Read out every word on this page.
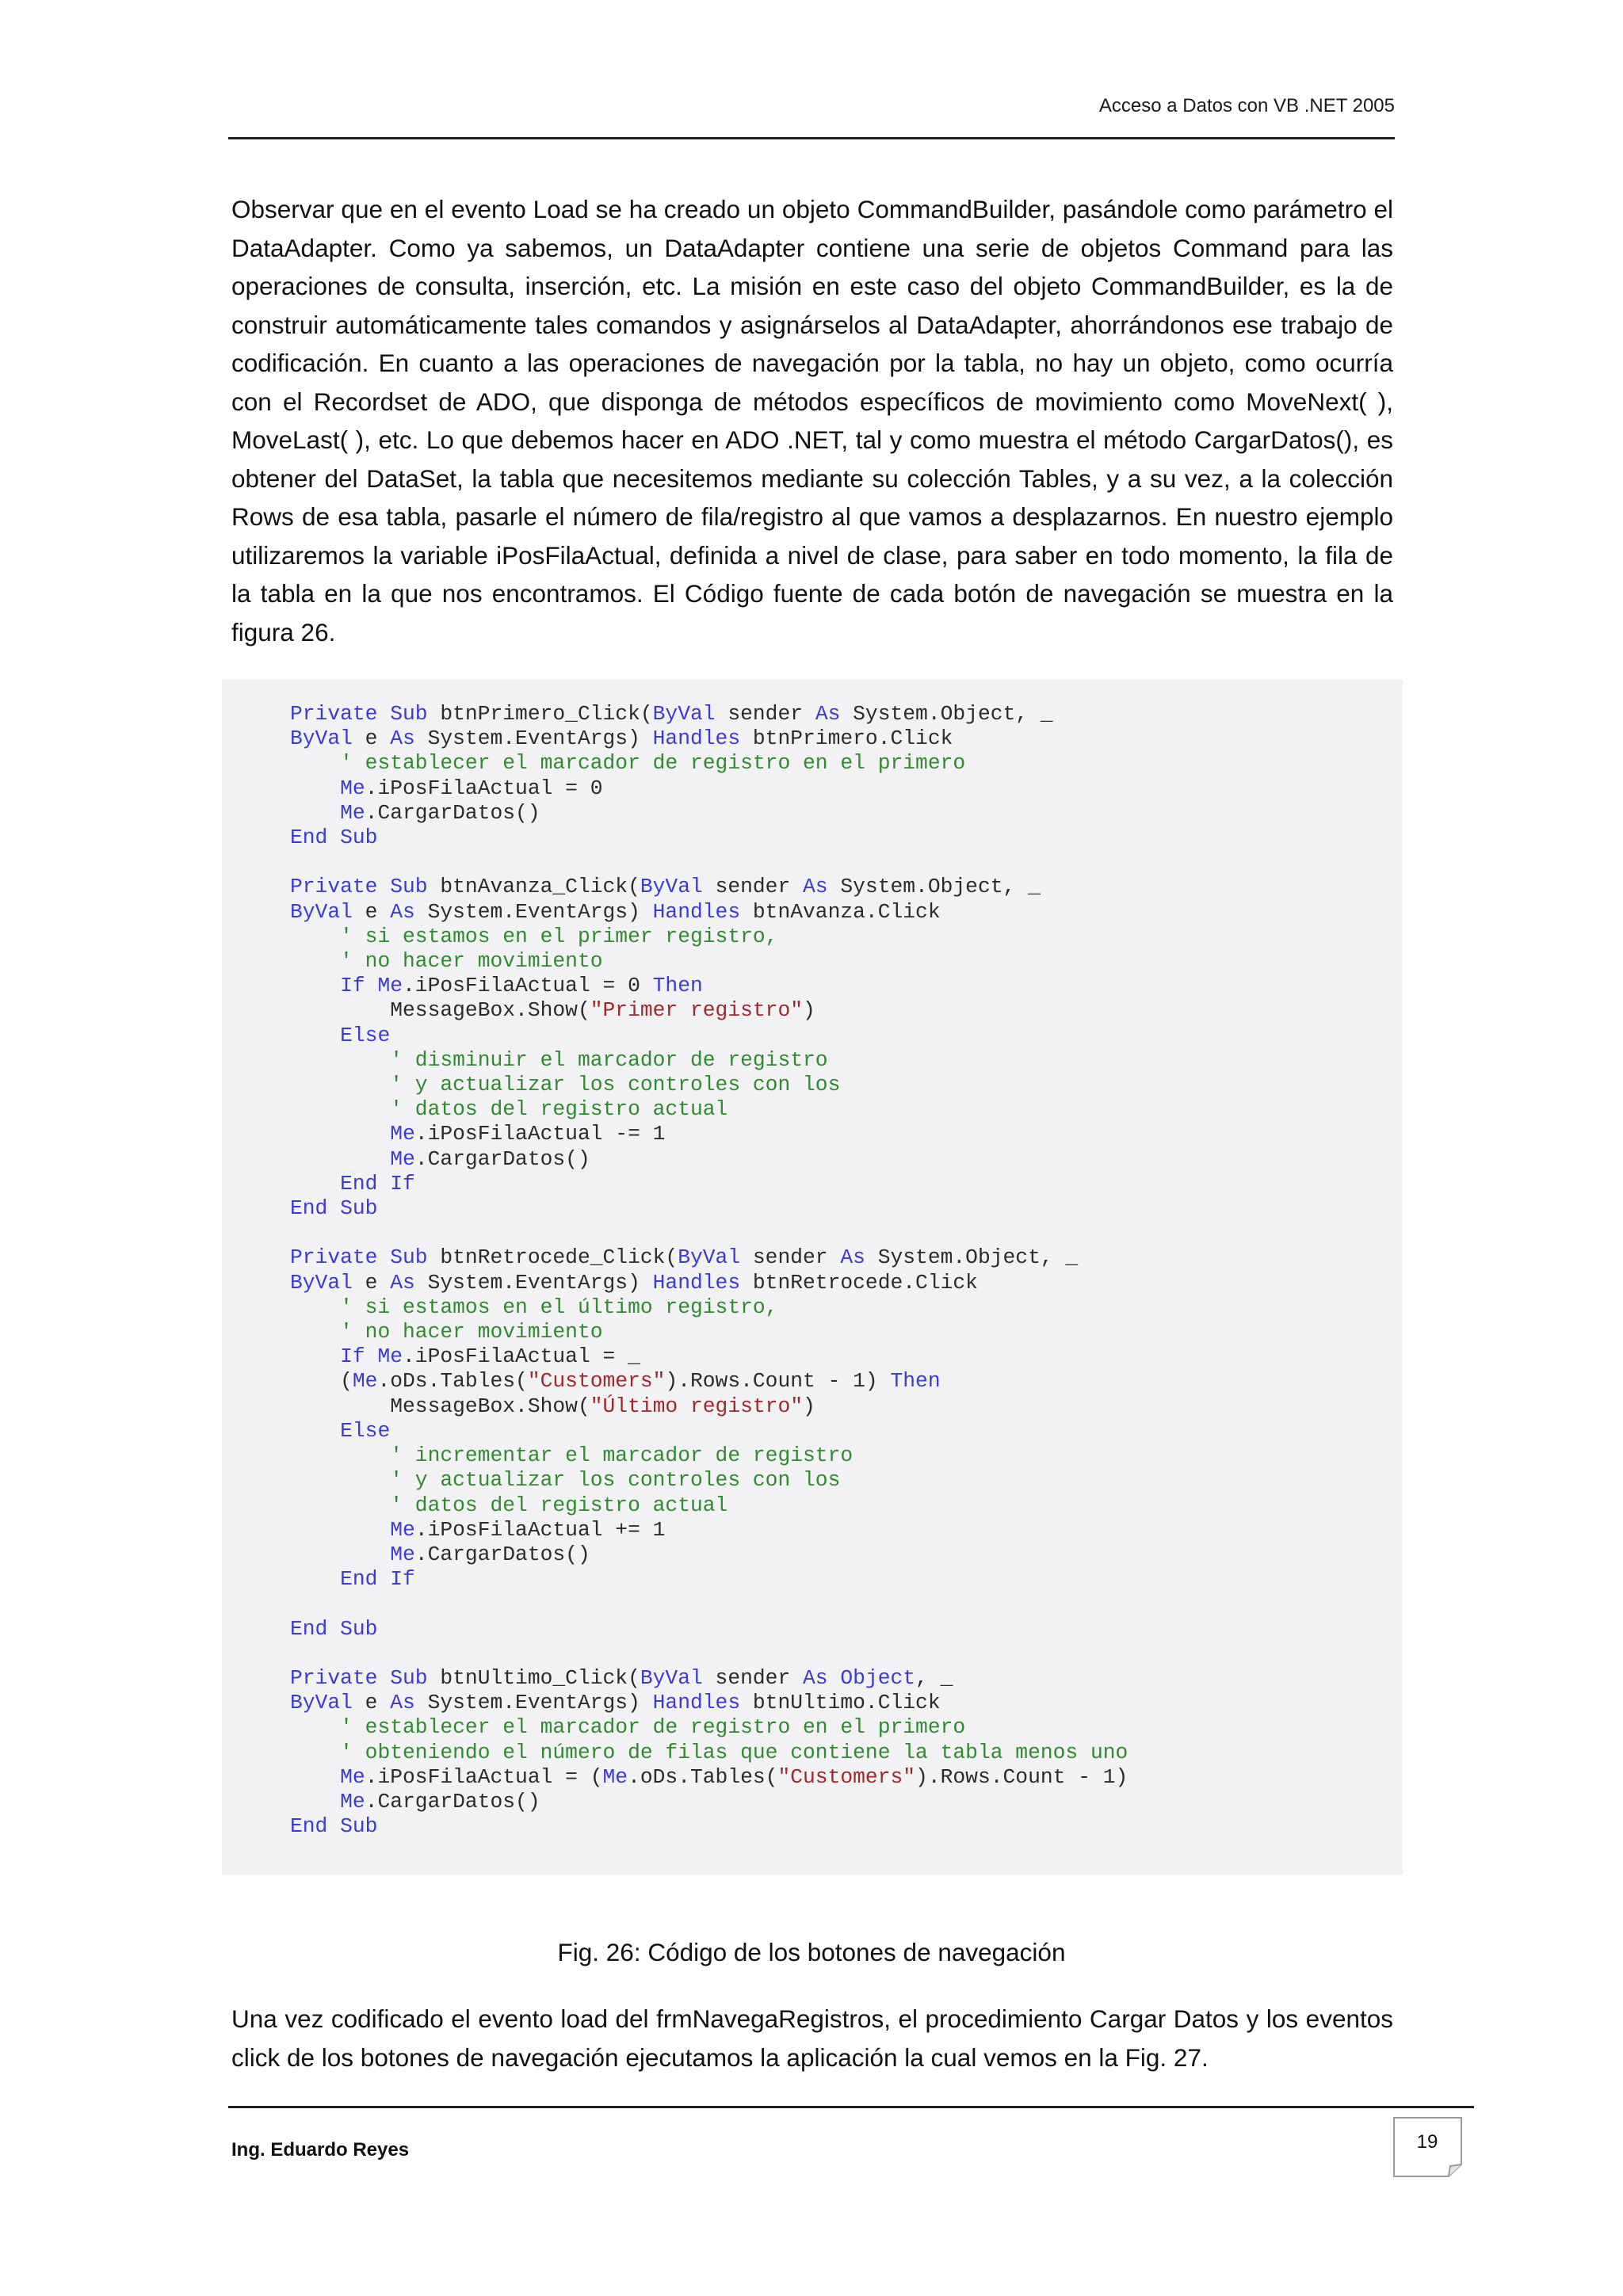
Acceso a Datos con VB .NET 2005
Observar que en el evento Load se ha creado un objeto CommandBuilder, pasándole como parámetro el DataAdapter. Como ya sabemos, un DataAdapter contiene una serie de objetos Command para las operaciones de consulta, inserción, etc. La misión en este caso del objeto CommandBuilder, es la de construir automáticamente tales comandos y asignárselos al DataAdapter, ahorrándonos ese trabajo de codificación. En cuanto a las operaciones de navegación por la tabla, no hay un objeto, como ocurría con el Recordset de ADO, que disponga de métodos específicos de movimiento como MoveNext( ), MoveLast( ), etc. Lo que debemos hacer en ADO .NET, tal y como muestra el método CargarDatos(), es obtener del DataSet, la tabla que necesitemos mediante su colección Tables, y a su vez, a la colección Rows de esa tabla, pasarle el número de fila/registro al que vamos a desplazarnos. En nuestro ejemplo utilizaremos la variable iPosFilaActual, definida a nivel de clase, para saber en todo momento, la fila de la tabla en la que nos encontramos. El Código fuente de cada botón de navegación se muestra en la figura 26.
Private Sub btnPrimero_Click(ByVal sender As System.Object, _
ByVal e As System.EventArgs) Handles btnPrimero.Click
' establecer el marcador de registro en el primero
Me.iPosFilaActual = 0
Me.CargarDatos()
End Sub

Private Sub btnAvanza_Click(ByVal sender As System.Object, _
ByVal e As System.EventArgs) Handles btnAvanza.Click
' si estamos en el primer registro,
' no hacer movimiento
If Me.iPosFilaActual = 0 Then
MessageBox.Show("Primer registro")
Else
' disminuir el marcador de registro
' y actualizar los controles con los
' datos del registro actual
Me.iPosFilaActual -= 1
Me.CargarDatos()
End If
End Sub

Private Sub btnRetrocede_Click(ByVal sender As System.Object, _
ByVal e As System.EventArgs) Handles btnRetrocede.Click
' si estamos en el último registro,
' no hacer movimiento
If Me.iPosFilaActual = _
(Me.oDs.Tables("Customers").Rows.Count - 1) Then
MessageBox.Show("Último registro")
Else
' incrementar el marcador de registro
' y actualizar los controles con los
' datos del registro actual
Me.iPosFilaActual += 1
Me.CargarDatos()
End If

End Sub

Private Sub btnUltimo_Click(ByVal sender As Object, _
ByVal e As System.EventArgs) Handles btnUltimo.Click
' establecer el marcador de registro en el primero
' obteniendo el número de filas que contiene la tabla menos uno
Me.iPosFilaActual = (Me.oDs.Tables("Customers").Rows.Count - 1)
Me.CargarDatos()
End Sub
Fig. 26: Código de los botones de navegación
Una vez codificado el evento load del frmNavegaRegistros, el procedimiento Cargar Datos y los eventos click de los botones de navegación ejecutamos la aplicación la cual vemos en la Fig. 27.
Ing. Eduardo Reyes	19
